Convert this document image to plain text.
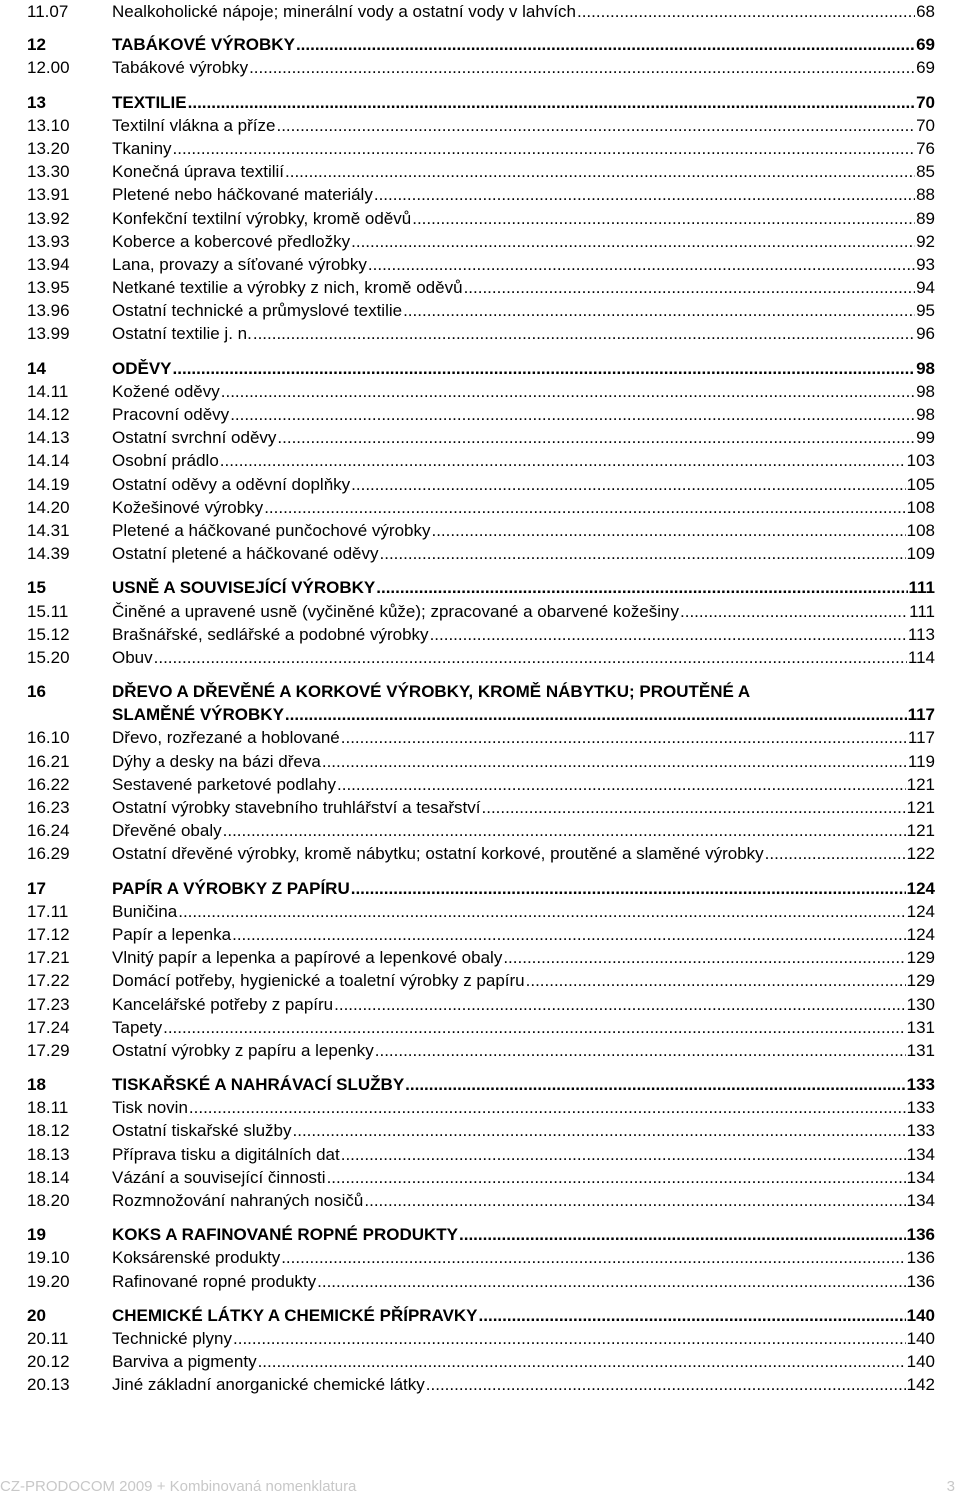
11.07	Nealkoholické nápoje; minerální vody a ostatní vody v lahvích .....	68
12	TABÁKOVÉ VÝROBKY .....	69
12.00 Tabákové výrobky .....	69
13	TEXTILIE .....	70
13.10 Textilní vlákna a příze .....	70
13.20 Tkaniny .....	76
13.30 Konečná úprava textilií .....	85
13.91 Pletené nebo háčkované materiály .....	88
13.92 Konfekční textilní výrobky, kromě oděvů .....	89
13.93 Koberce a kobercové předložky .....	92
13.94 Lana, provazy a síťované výrobky .....	93
13.95 Netkané textilie a výrobky z nich, kromě oděvů .....	94
13.96 Ostatní technické a průmyslové textilie .....	95
13.99 Ostatní textilie j. n. .....	96
14	ODĚVY .....	98
14.11	Kožené oděvy .....	98
14.12 Pracovní oděvy .....	98
14.13 Ostatní svrchní oděvy .....	99
14.14 Osobní prádlo .....	103
14.19 Ostatní oděvy a oděvní doplňky .....	105
14.20 Kožešinové výrobky .....	108
14.31 Pletené a háčkované punčochové výrobky .....	108
14.39 Ostatní pletené a háčkované oděvy .....	109
15	USNĚ A SOUVISEJÍCÍ VÝROBKY .....	111
15.11	Činěné a upravené usně (vyčiněné kůže); zpracované a obarvené kožešiny .....	111
15.12 Brašnářské, sedlářské a podobné výrobky .....	113
15.20 Obuv .....	114
16	DŘEVO A DŘEVĚNÉ A KORKOVÉ VÝROBKY, KROMĚ NÁBYTKU; PROUTĚNÉ A
SLAMĚNÉ VÝROBKY .....	117
16.10 Dřevo, rozřezané a hoblované .....	117
16.21 Dýhy a desky na bázi dřeva .....	119
16.22 Sestavené parketové podlahy .....	121
16.23 Ostatní výrobky stavebního truhlářství a tesařství .....	121
16.24 Dřevěné obaly .....	121
16.29 Ostatní dřevěné výrobky, kromě nábytku; ostatní korkové, proutěné a slaměné výrobky .....	122
17	PAPÍR A VÝROBKY Z PAPÍRU .....	124
17.11	Buničina .....	124
17.12 Papír a lepenka .....	124
17.21 Vlnitý papír a lepenka a papírové a lepenkové obaly .....	129
17.22 Domácí potřeby, hygienické a toaletní výrobky z papíru .....	129
17.23 Kancelářské potřeby z papíru .....	130
17.24 Tapety .....	131
17.29 Ostatní výrobky z papíru a lepenky .....	131
18	TISKAŘSKÉ A NAHRÁVACÍ SLUŽBY .....	133
18.11	Tisk novin .....	133
18.12 Ostatní tiskařské služby .....	133
18.13 Příprava tisku a digitálních dat .....	134
18.14 Vázání a související činnosti .....	134
18.20 Rozmnožování nahraných nosičů .....	134
19	KOKS A RAFINOVANÉ ROPNÉ PRODUKTY .....	136
19.10 Koksárenské produkty .....	136
19.20 Rafinované ropné produkty .....	136
20	CHEMICKÉ LÁTKY A CHEMICKÉ PŘÍPRAVKY .....	140
20.11	Technické plyny .....	140
20.12 Barviva a pigmenty .....	140
20.13 Jiné základní anorganické chemické látky .....	142
CZ-PRODOCOM 2009 + Kombinovaná nomenklatura	3
